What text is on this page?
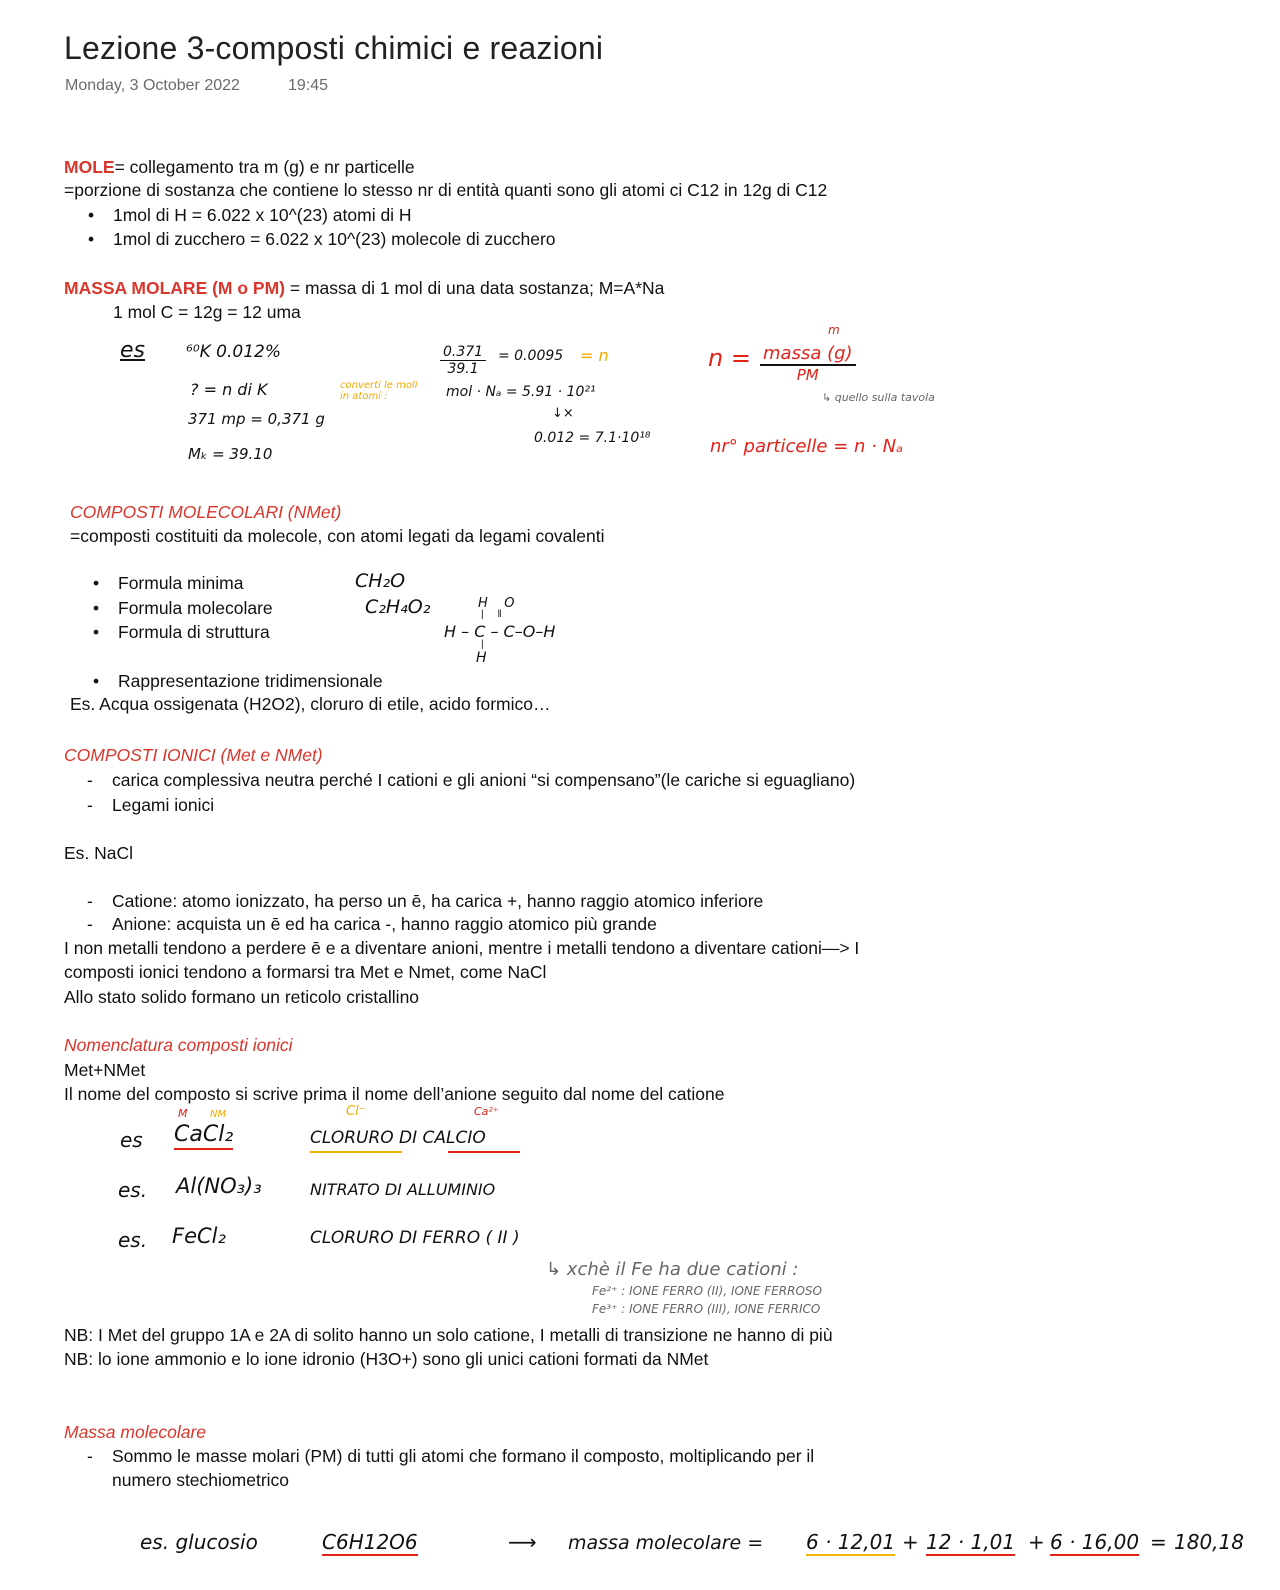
Lezione 3-composti chimici e reazioni
Monday, 3 October 2022	19:45
MOLE= collegamento tra m (g) e nr particelle
=porzione di sostanza che contiene lo stesso nr di entità quanti sono gli atomi ci C12 in 12g di C12
• 1mol di H = 6.022 x 10^(23) atomi di H
• 1mol di zucchero = 6.022 x 10^(23) molecole di zucchero
MASSA MOLARE (M o PM) = massa di 1 mol di una data sostanza; M=A*Na
1 mol C = 12g = 12 uma
es ⁶⁰K 0.012%
? = n di K
371 mp = 0,371 g
Mₖ = 39.10
converti le moli in atomi :
$\frac{0.371}{39.1} = 0.0095 = n$
mol · Nₐ = 5.91 · 10²¹
↓×
0.012 = 7.1·10¹⁸
m
$n = \frac{\text{massa (g)}}{PM}$
↳ quello sulla tavola
nr° particelle = n · Nₐ
COMPOSTI MOLECOLARI (NMet)
=composti costituiti da molecole, con atomi legati da legami covalenti
• Formula minima
• Formula molecolare
• Formula di struttura
• Rappresentazione tridimensionale
CH₂O
C₂H₄O₂	H    O
|     ‖
H – C – C–O–H
|
H
Es. Acqua ossigenata (H2O2), cloruro di etile, acido formico…
COMPOSTI IONICI (Met e NMet)
- carica complessiva neutra perché I cationi e gli anioni “si compensano”(le cariche si eguagliano)
- Legami ionici
Es. NaCl
- Catione: atomo ionizzato, ha perso un ē, ha carica +, hanno raggio atomico inferiore
- Anione: acquista un ē ed ha carica -, hanno raggio atomico più grande
I non metalli tendono a perdere ē e a diventare anioni, mentre i metalli tendono a diventare cationi—> I
composti ionici tendono a formarsi tra Met e Nmet, come NaCl
Allo stato solido formano un reticolo cristallino
Nomenclatura composti ionici
Met+NMet
Il nome del composto si scrive prima il nome dell’anione seguito dal nome del catione
M NM	Cl⁻	Ca²⁺
es CaCl₂	CLORURO DI CALCIO
es. Al(NO₃)₃	NITRATO DI ALLUMINIO
es. FeCl₂	CLORURO DI FERRO ( II )
↳ xchè il Fe ha due cationi :
Fe²⁺ : IONE FERRO (II), IONE FERROSO
Fe³⁺ : IONE FERRO (III), IONE FERRICO
NB: I Met del gruppo 1A e 2A di solito hanno un solo catione, I metalli di transizione ne hanno di più
NB: lo ione ammonio e lo ione idronio (H3O+) sono gli unici cationi formati da NMet
Massa molecolare
- Sommo le masse molari (PM) di tutti gli atomi che formano il composto, moltiplicando per il
numero stechiometrico
es. glucosio	C6H12O6	⟶ massa molecolare = 6 · 12,01 + 12 · 1,01 + 6 · 16,00 = 180,18
